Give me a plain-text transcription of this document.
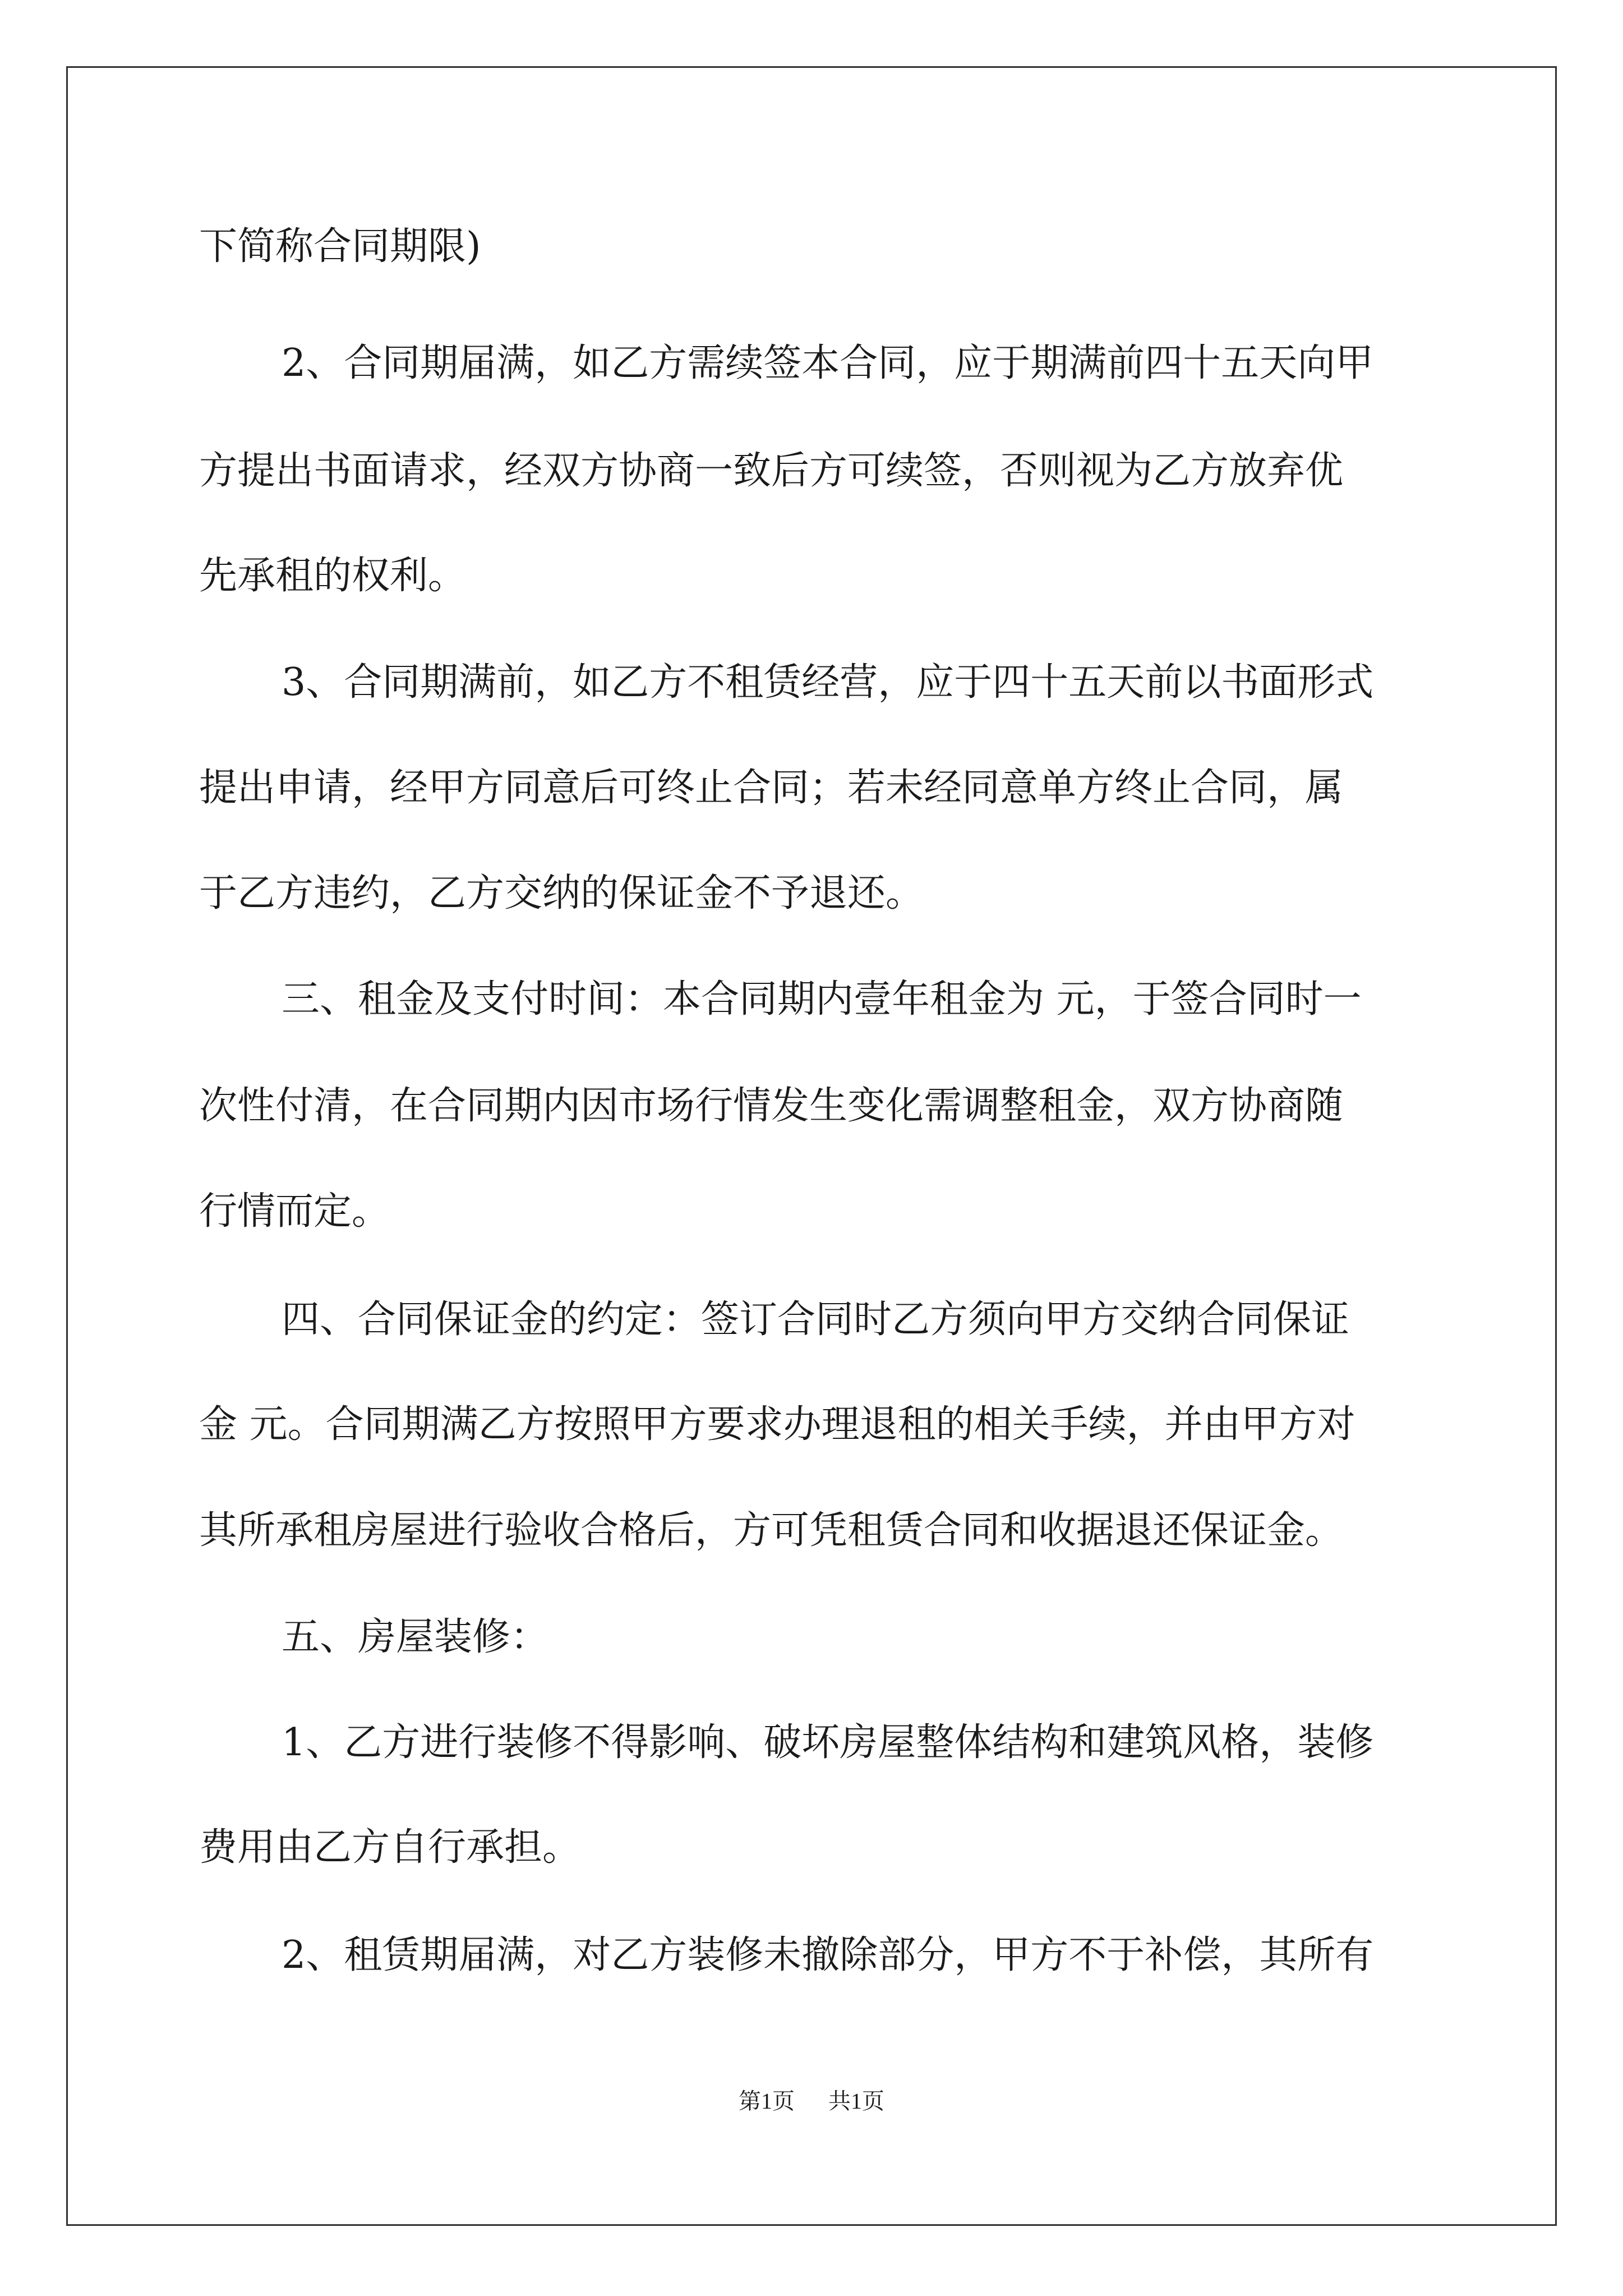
下简称合同期限)
2、合同期届满，如乙方需续签本合同，应于期满前四十五天向甲
方提出书面请求，经双方协商一致后方可续签，否则视为乙方放弃优
先承租的权利。
3、合同期满前，如乙方不租赁经营，应于四十五天前以书面形式
提出申请，经甲方同意后可终止合同；若未经同意单方终止合同，属
于乙方违约，乙方交纳的保证金不予退还。
三、租金及支付时间：本合同期内壹年租金为 元，于签合同时一
次性付清，在合同期内因市场行情发生变化需调整租金，双方协商随
行情而定。
四、合同保证金的约定：签订合同时乙方须向甲方交纳合同保证
金 元。合同期满乙方按照甲方要求办理退租的相关手续，并由甲方对
其所承租房屋进行验收合格后，方可凭租赁合同和收据退还保证金。
五、房屋装修：
1、乙方进行装修不得影响、破坏房屋整体结构和建筑风格，装修
费用由乙方自行承担。
2、租赁期届满，对乙方装修未撤除部分，甲方不于补偿，其所有
第1页 共1页
